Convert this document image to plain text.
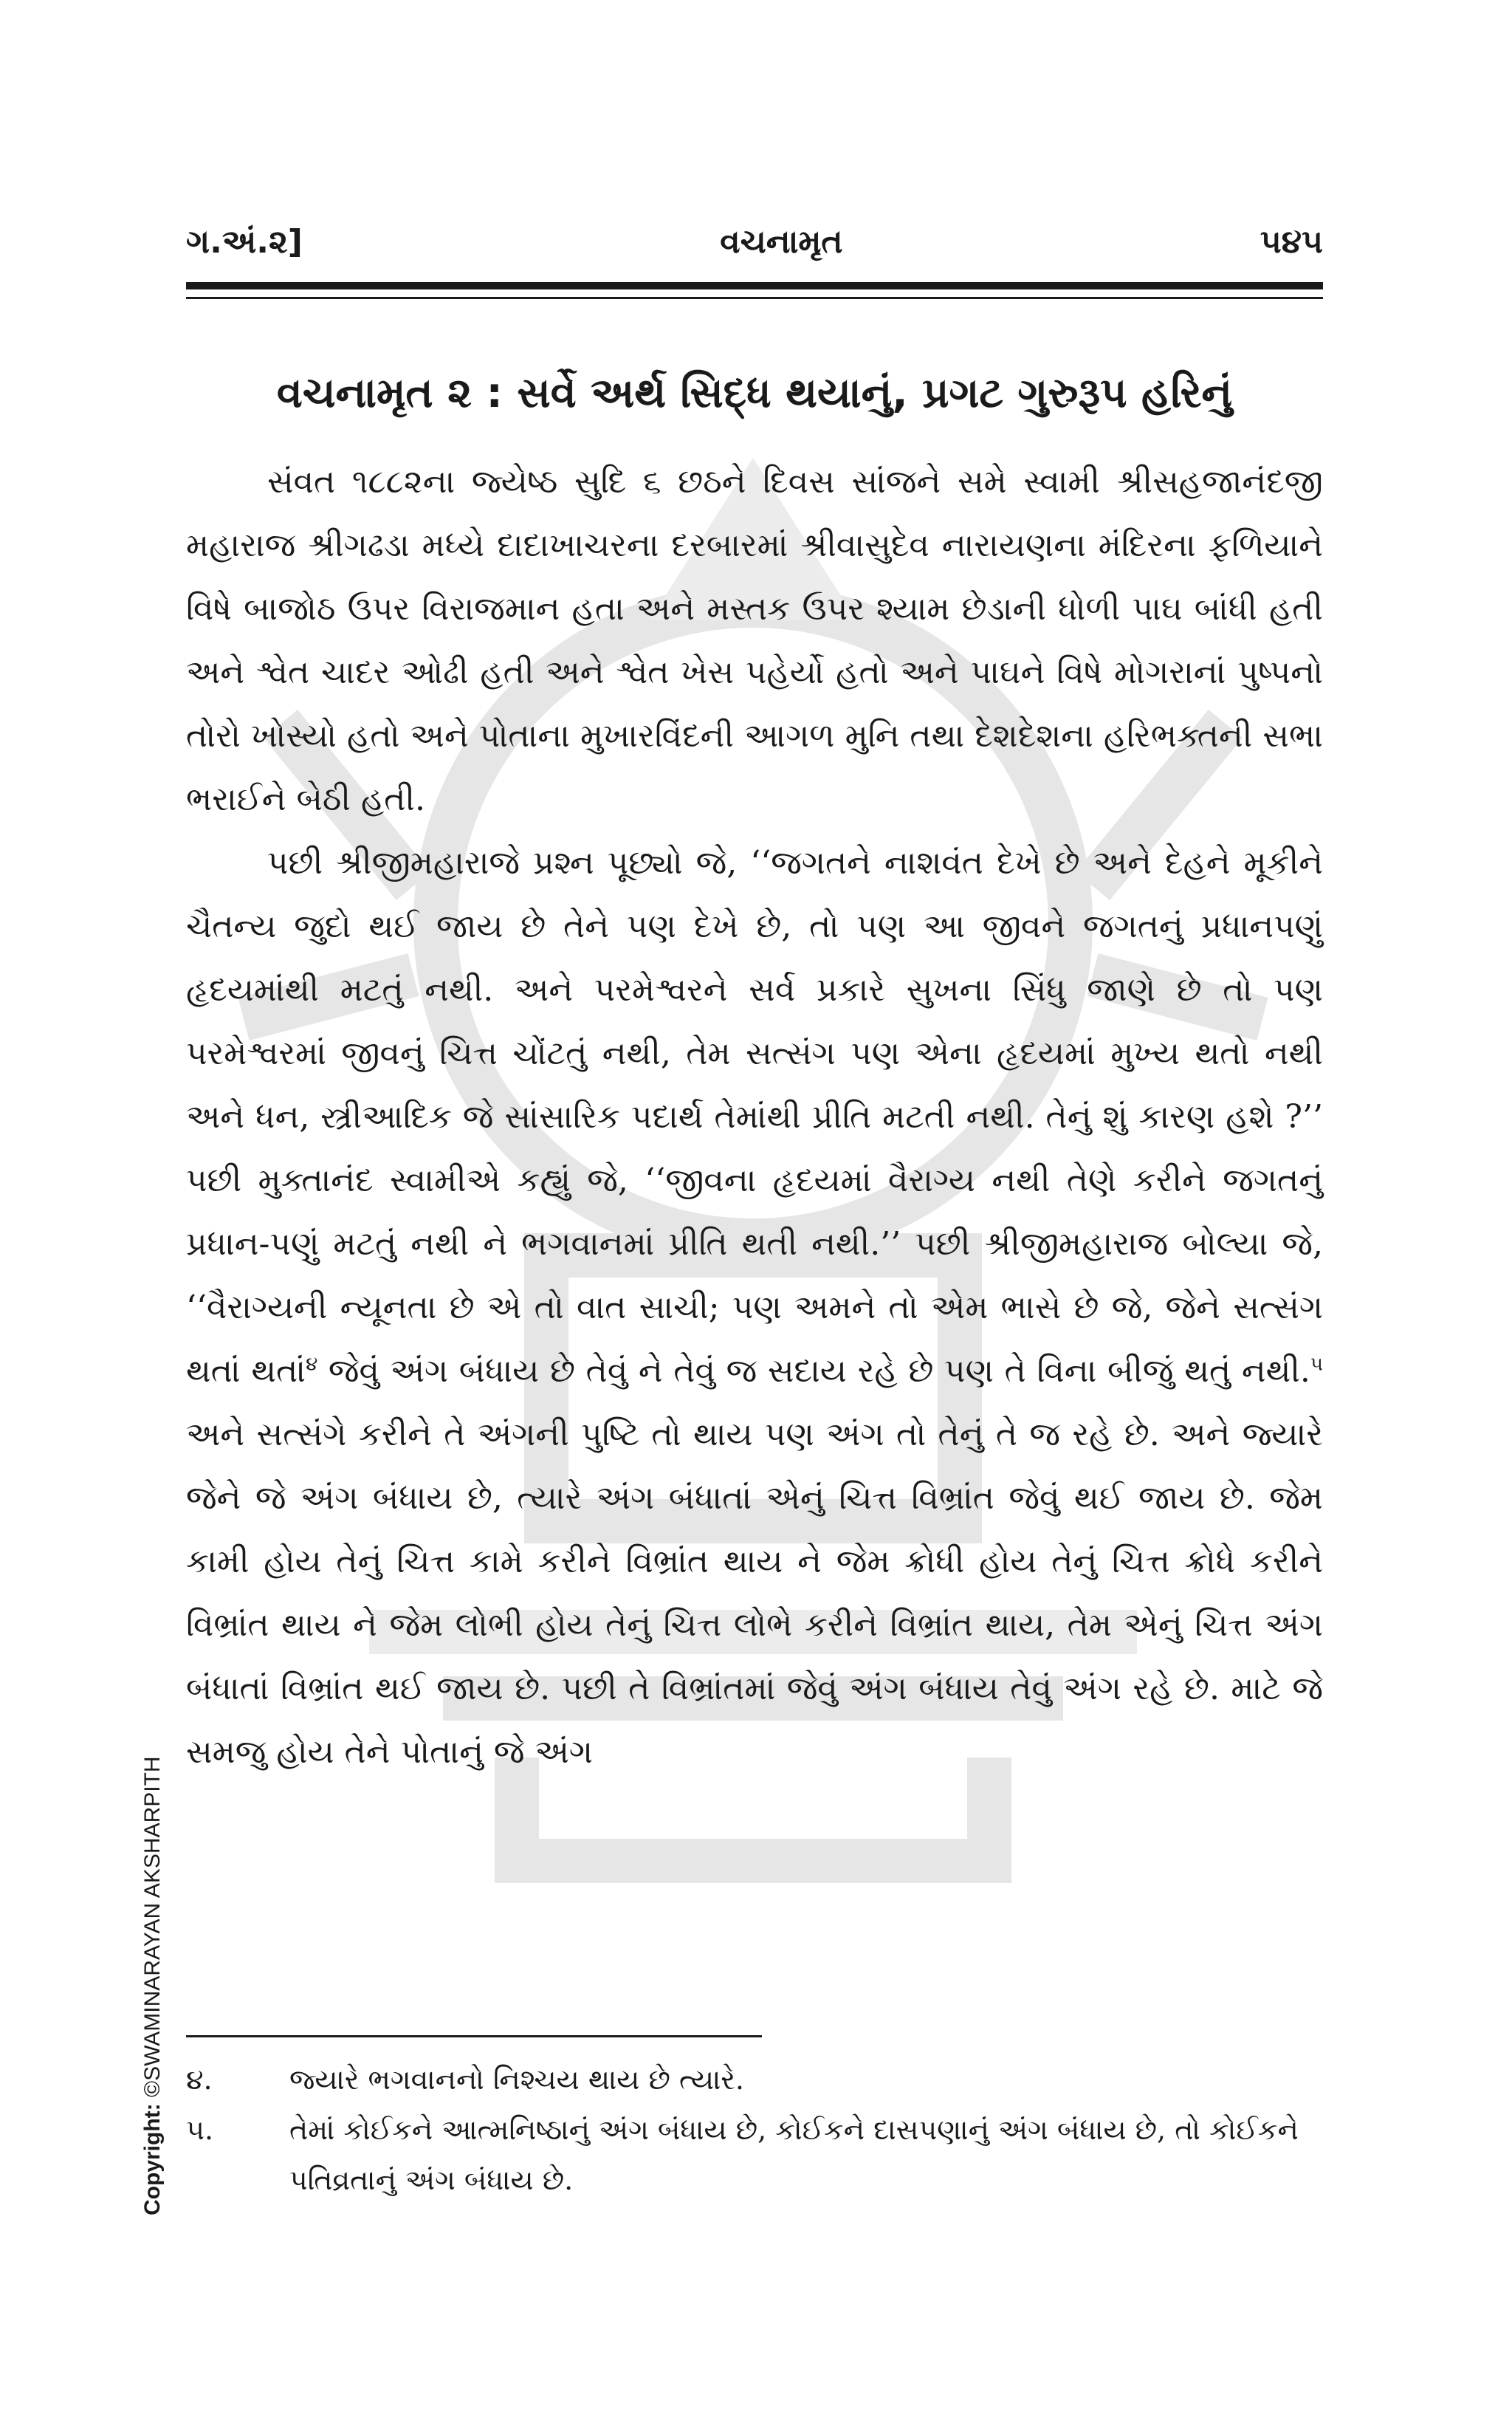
ગ.અં.૨]	વચનામૃત	૫૪૫
વચનામૃત ૨ : સર્વે અર્થ સિદ્ધ થયાનું, પ્રગટ ગુરુરૂપ હરિનું

સંવત ૧૮૮૨ના જ્યેષ્ઠ સુદિ ૬ છઠને દિવસ સાંજને સમે સ્વામી શ્રીસહજાનંદજી મહારાજ શ્રીગઢડા મધ્યે દાદાખાચરના દરબારમાં શ્રીવાસુદેવ નારાયણના મંદિરના ફળિયાને વિષે બાજોઠ ઉપર વિરાજમાન હતા અને મસ્તક ઉપર શ્યામ છેડાની ધોળી પાઘ બાંધી હતી અને શ્વેત ચાદર ઓઢી હતી અને શ્વેત ખેસ પહેર્યો હતો અને પાઘને વિષે મોગરાનાં પુષ્પનો તોરો ખોસ્યો હતો અને પોતાના મુખારવિંદની આગળ મુનિ તથા દેશદેશના હરિભક્તની સભા ભરાઈને બેઠી હતી.

પછી શ્રીજીમહારાજે પ્રશ્ન પૂછ્યો જે, ‘‘જગતને નાશવંત દેખે છે અને દેહને મૂકીને ચૈતન્ય જુદો થઈ જાય છે તેને પણ દેખે છે, તો પણ આ જીવને જગતનું પ્રધાનપણું હૃદયમાંથી મટતું નથી. અને પરમેશ્વરને સર્વ પ્રકારે સુખના સિંધુ જાણે છે તો પણ પરમેશ્વરમાં જીવનું ચિત્ત ચોંટતું નથી, તેમ સત્સંગ પણ એના હૃદયમાં મુખ્ય થતો નથી અને ધન, સ્ત્રીઆદિક જે સાંસારિક પદાર્થ તેમાંથી પ્રીતિ મટતી નથી. તેનું શું કારણ હશે ?’’ પછી મુક્તાનંદ સ્વામીએ કહ્યું જે, ‘‘જીવના હૃદયમાં વૈરાગ્ય નથી તેણે કરીને જગતનું પ્રધાન-પણું મટતું નથી ને ભગવાનમાં પ્રીતિ થતી નથી.’’ પછી શ્રીજીમહારાજ બોલ્યા જે, ‘‘વૈરાગ્યની ન્યૂનતા છે એ તો વાત સાચી; પણ અમને તો એમ ભાસે છે જે, જેને સત્સંગ થતાં થતાં$^૪$ જેવું અંગ બંધાય છે તેવું ને તેવું જ સદાય રહે છે પણ તે વિના બીજું થતું નથી.$^૫$ અને સત્સંગે કરીને તે અંગની પુષ્ટિ તો થાય પણ અંગ તો તેનું તે જ રહે છે. અને જ્યારે જેને જે અંગ બંધાય છે, ત્યારે અંગ બંધાતાં એનું ચિત્ત વિભ્રાંત જેવું થઈ જાય છે. જેમ કામી હોય તેનું ચિત્ત કામે કરીને વિભ્રાંત થાય ને જેમ ક્રોધી હોય તેનું ચિત્ત ક્રોધે કરીને વિભ્રાંત થાય ને જેમ લોભી હોય તેનું ચિત્ત લોભે કરીને વિભ્રાંત થાય, તેમ એનું ચિત્ત અંગ બંધાતાં વિભ્રાંત થઈ જાય છે. પછી તે વિભ્રાંતમાં જેવું અંગ બંધાય તેવું અંગ રહે છે. માટે જે સમજુ હોય તેને પોતાનું જે અંગ

૪.	જ્યારે ભગવાનનો નિશ્ચય થાય છે ત્યારે.
૫.	તેમાં કોઈકને આત્મનિષ્ઠાનું અંગ બંધાય છે, કોઈકને દાસપણાનું અંગ બંધાય છે, તો કોઈકને પતિવ્રતાનું અંગ બંધાય છે.
Copyright: ©SWAMINARAYAN AKSHARPITH
